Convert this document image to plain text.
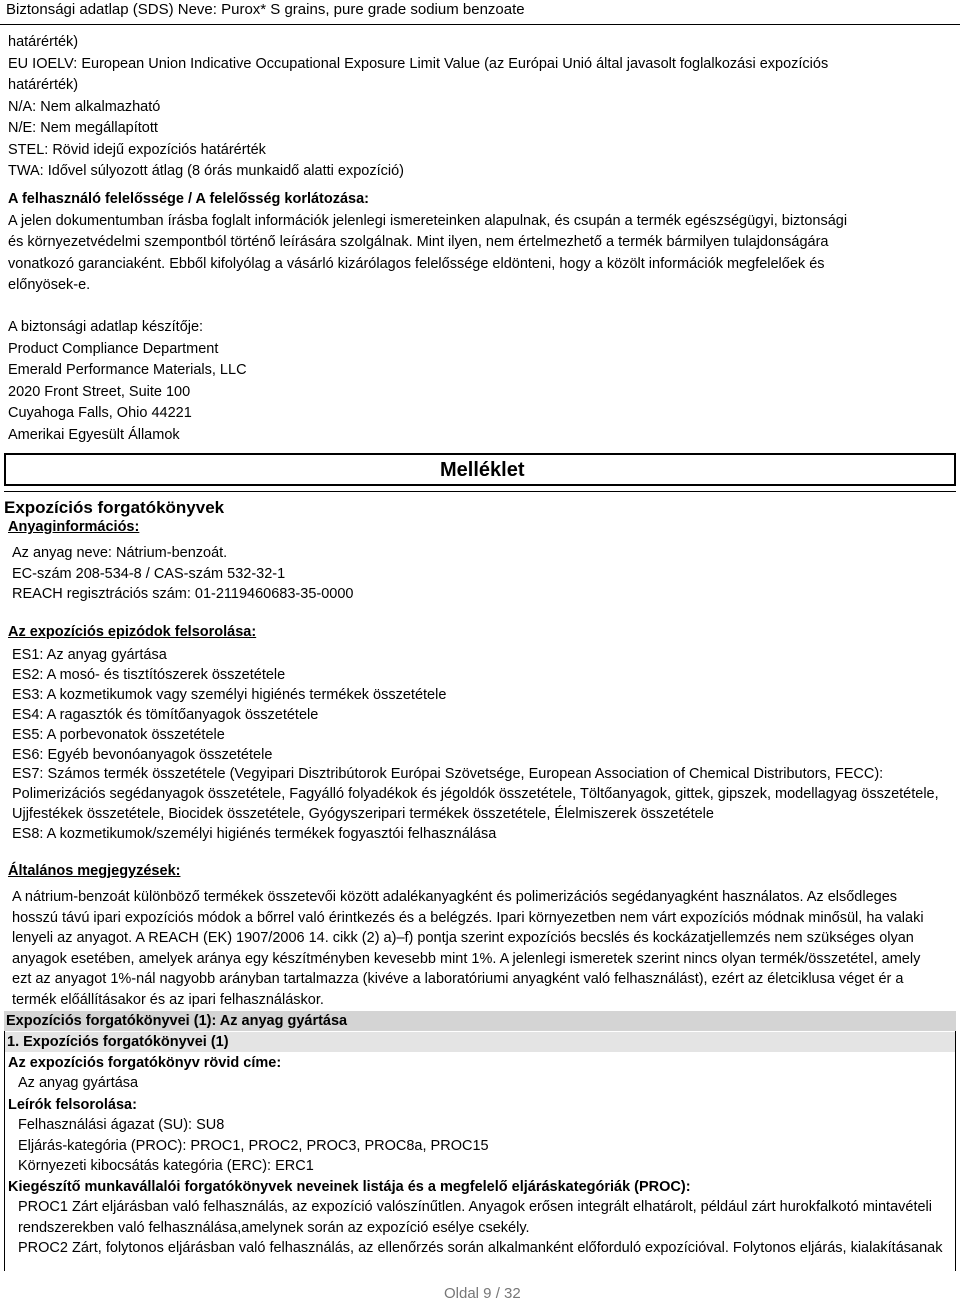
Biztonsági adatlap (SDS) Neve: Purox* S grains, pure grade sodium benzoate
határérték)
EU IOELV: European Union Indicative Occupational Exposure Limit Value (az Európai Unió által javasolt foglalkozási expozíciós
határérték)
N/A: Nem alkalmazható
N/E: Nem megállapított
STEL: Rövid idejű expozíciós határérték
TWA: Idővel súlyozott átlag (8 órás munkaidő alatti expozíció)
A felhasználó felelőssége / A felelősség korlátozása:
A jelen dokumentumban írásba foglalt információk jelenlegi ismereteinken alapulnak, és csupán a termék egészségügyi, biztonsági
és környezetvédelmi szempontból történő leírására szolgálnak. Mint ilyen, nem értelmezhető a termék bármilyen tulajdonságára
vonatkozó garanciaként. Ebből kifolyólag a vásárló kizárólagos felelőssége eldönteni, hogy a közölt információk megfelelőek és
előnyösek-e.
A biztonsági adatlap készítője:
Product Compliance Department
Emerald Performance Materials, LLC
2020 Front Street, Suite 100
Cuyahoga Falls, Ohio 44221
Amerikai Egyesült Államok
Melléklet
Expozíciós forgatókönyvek
Anyaginformációs:
Az anyag neve: Nátrium-benzoát.
EC-szám 208-534-8 / CAS-szám 532-32-1
REACH regisztrációs szám: 01-2119460683-35-0000
Az expozíciós epizódok felsorolása:
ES1: Az anyag gyártása
ES2: A mosó- és tisztítószerek összetétele
ES3: A kozmetikumok vagy személyi higiénés termékek összetétele
ES4: A ragasztók és tömítőanyagok összetétele
ES5: A porbevonatok összetétele
ES6: Egyéb bevonóanyagok összetétele
ES7: Számos termék összetétele (Vegyipari Disztribútorok Európai Szövetsége, European Association of Chemical Distributors, FECC):
Polimerizációs segédanyagok összetétele, Fagyálló folyadékok és jégoldók összetétele, Töltőanyagok, gittek, gipszek, modellagyag összetétele,
Ujjfestékek összetétele, Biocidek összetétele, Gyógyszeripari termékek összetétele, Élelmiszerek összetétele
ES8: A kozmetikumok/személyi higiénés termékek fogyasztói felhasználása
Általános megjegyzések:
A nátrium-benzoát különböző termékek összetevői között adalékanyagként és polimerizációs segédanyagként használatos. Az elsődleges
hosszú távú ipari expozíciós módok a bőrrel való érintkezés és a belégzés. Ipari környezetben nem várt expozíciós módnak minősül, ha valaki
lenyeli az anyagot. A REACH (EK) 1907/2006 14. cikk (2) a)–f) pontja szerint expozíciós becslés és kockázatjellemzés nem szükséges olyan
anyagok esetében, amelyek aránya egy készítményben kevesebb mint 1%. A jelenlegi ismeretek szerint nincs olyan termék/összetétel, amely
ezt az anyagot 1%-nál nagyobb arányban tartalmazza (kivéve a laboratóriumi anyagként való felhasználást), ezért az életciklusa véget ér a
termék előállításakor és az ipari felhasználáskor.
Expozíciós forgatókönyvei (1): Az anyag gyártása
1. Expozíciós forgatókönyvei (1)
Az expozíciós forgatókönyv rövid címe:
Az anyag gyártása
Leírók felsorolása:
Felhasználási ágazat (SU): SU8
Eljárás-kategória (PROC): PROC1, PROC2, PROC3, PROC8a, PROC15
Környezeti kibocsátás kategória (ERC): ERC1
Kiegészítő munkavállalói forgatókönyvek neveinek listája és a megfelelő eljáráskategóriák (PROC):
PROC1 Zárt eljárásban való felhasználás, az expozíció valószínűtlen. Anyagok erősen integrált elhatárolt, például zárt hurokfalkotó mintavételi
rendszerekben való felhasználása,amelynek során az expozíció esélye csekély.
PROC2 Zárt, folytonos eljárásban való felhasználás, az ellenőrzés során alkalmanként előforduló expozícióval. Folytonos eljárás, kialakításanak
Oldal 9 / 32
